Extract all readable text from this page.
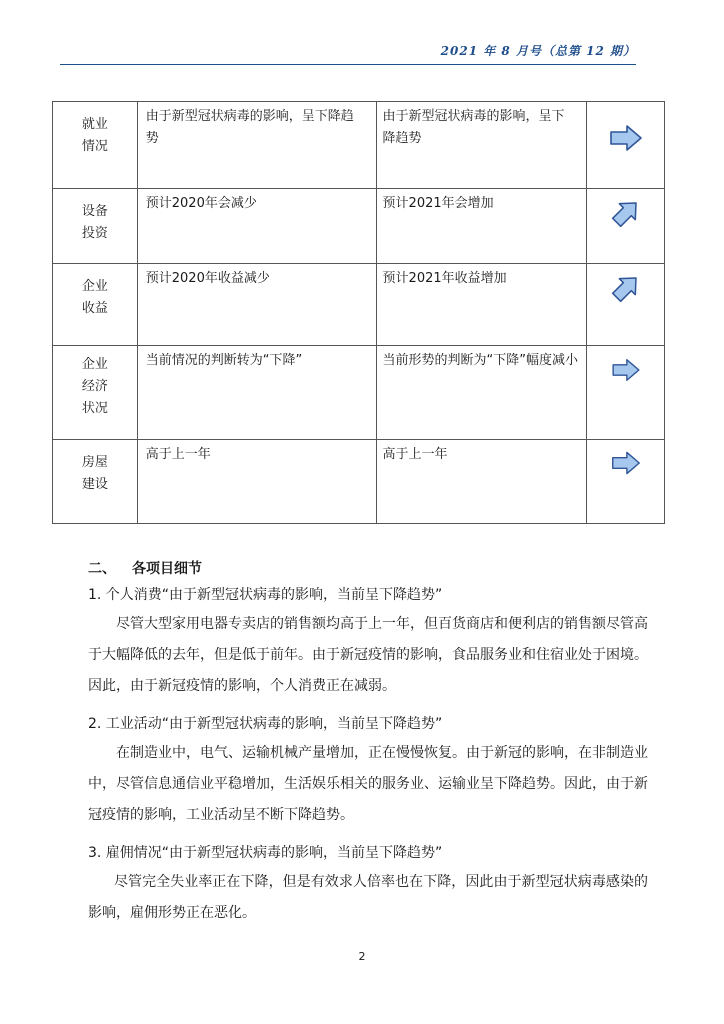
2021 年 8 月号（总第 12 期）
就业
情况	由于新型冠状病毒的影响，呈下降趋势	由于新型冠状病毒的影响，呈下降趋势

设备
投资	预计2020年会减少	预计2021年会增加

企业
收益	预计2020年收益减少	预计2021年收益增加

企业
经济
状况	当前情况的判断转为“下降”	当前形势的判断为“下降”幅度减小

房屋
建设	高于上一年	高于上一年

二、 各项目细节
1. 个人消费“由于新型冠状病毒的影响，当前呈下降趋势”
尽管大型家用电器专卖店的销售额均高于上一年，但百货商店和便利店的销售额尽管高于大幅降低的去年，但是低于前年。由于新冠疫情的影响，食品服务业和住宿业处于困境。因此，由于新冠疫情的影响，个人消费正在减弱。
2. 工业活动“由于新型冠状病毒的影响，当前呈下降趋势”
在制造业中，电气、运输机械产量增加，正在慢慢恢复。由于新冠的影响，在非制造业中，尽管信息通信业平稳增加，生活娱乐相关的服务业、运输业呈下降趋势。因此，由于新冠疫情的影响，工业活动呈不断下降趋势。
3. 雇佣情况“由于新型冠状病毒的影响，当前呈下降趋势”
尽管完全失业率正在下降，但是有效求人倍率也在下降，因此由于新型冠状病毒感染的影响，雇佣形势正在恶化。
2
